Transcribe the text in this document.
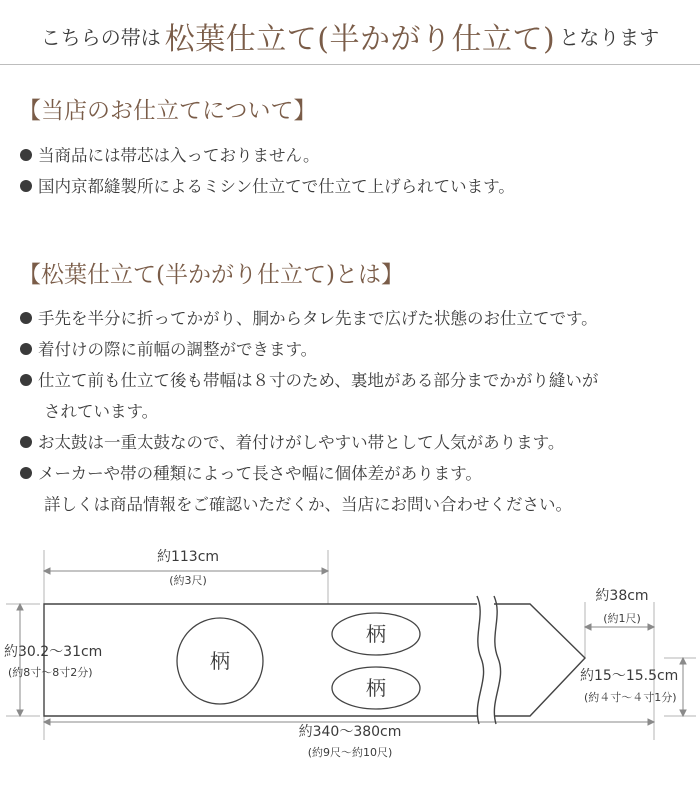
こちらの帯は 松葉仕立て(半かがり仕立て) となります
【当店のお仕立てについて】
当商品には帯芯は入っておりません。
国内京都縫製所によるミシン仕立てで仕立て上げられています。
【松葉仕立て(半かがり仕立て)とは】
手先を半分に折ってかがり、胴からタレ先まで広げた状態のお仕立てです。
着付けの際に前幅の調整ができます。
仕立て前も仕立て後も帯幅は８寸のため、裏地がある部分までかがり縫いが
されています。
お太鼓は一重太鼓なので、着付けがしやすい帯として人気があります。
メーカーや帯の種類によって長さや幅に個体差があります。
詳しくは商品情報をご確認いただくか、当店にお問い合わせください。
柄
柄
柄
約113cm
(約3尺)
約38cm
(約1尺)
約30.2～31cm
(約8寸～8寸2分)	約15～15.5cm
(約４寸～４寸1分)
約340～380cm
(約9尺～約10尺)
